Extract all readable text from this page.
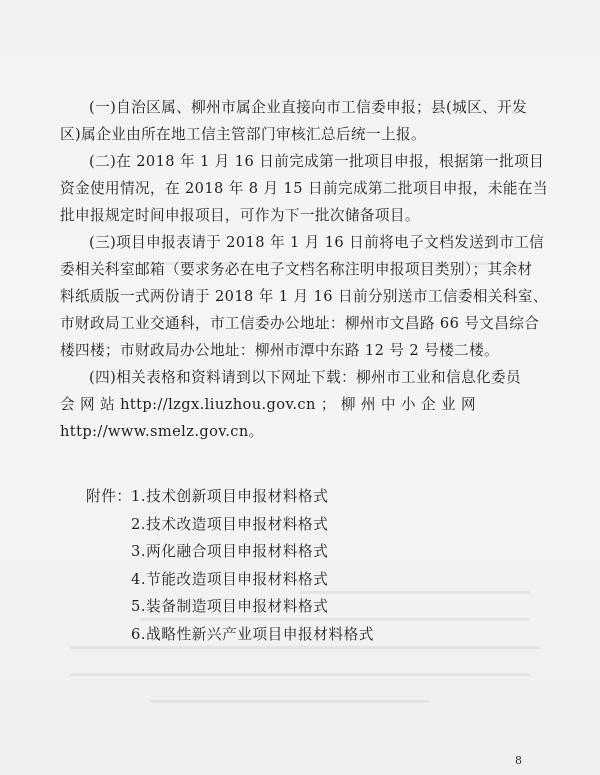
(一)自治区属、柳州市属企业直接向市工信委申报；县(城区、开发
区)属企业由所在地工信主管部门审核汇总后统一上报。
(二)在 2018 年 1 月 16 日前完成第一批项目申报，根据第一批项目
资金使用情况，在 2018 年 8 月 15 日前完成第二批项目申报，未能在当
批申报规定时间申报项目，可作为下一批次储备项目。
(三)项目申报表请于 2018 年 1 月 16 日前将电子文档发送到市工信
委相关科室邮箱（要求务必在电子文档名称注明申报项目类别）；其余材
料纸质版一式两份请于 2018 年 1 月 16 日前分别送市工信委相关科室、
市财政局工业交通科，市工信委办公地址：柳州市文昌路 66 号文昌综合
楼四楼；市财政局办公地址：柳州市潭中东路 12 号 2 号楼二楼。
(四)相关表格和资料请到以下网址下载：柳州市工业和信息化委员
会 网 站 http://lzgx.liuzhou.gov.cn ； 柳 州 中 小 企 业 网
http://www.smelz.gov.cn。
附件： 1.技术创新项目申报材料格式
2.技术改造项目申报材料格式
3.两化融合项目申报材料格式
4.节能改造项目申报材料格式
5.装备制造项目申报材料格式
6.战略性新兴产业项目申报材料格式
8
